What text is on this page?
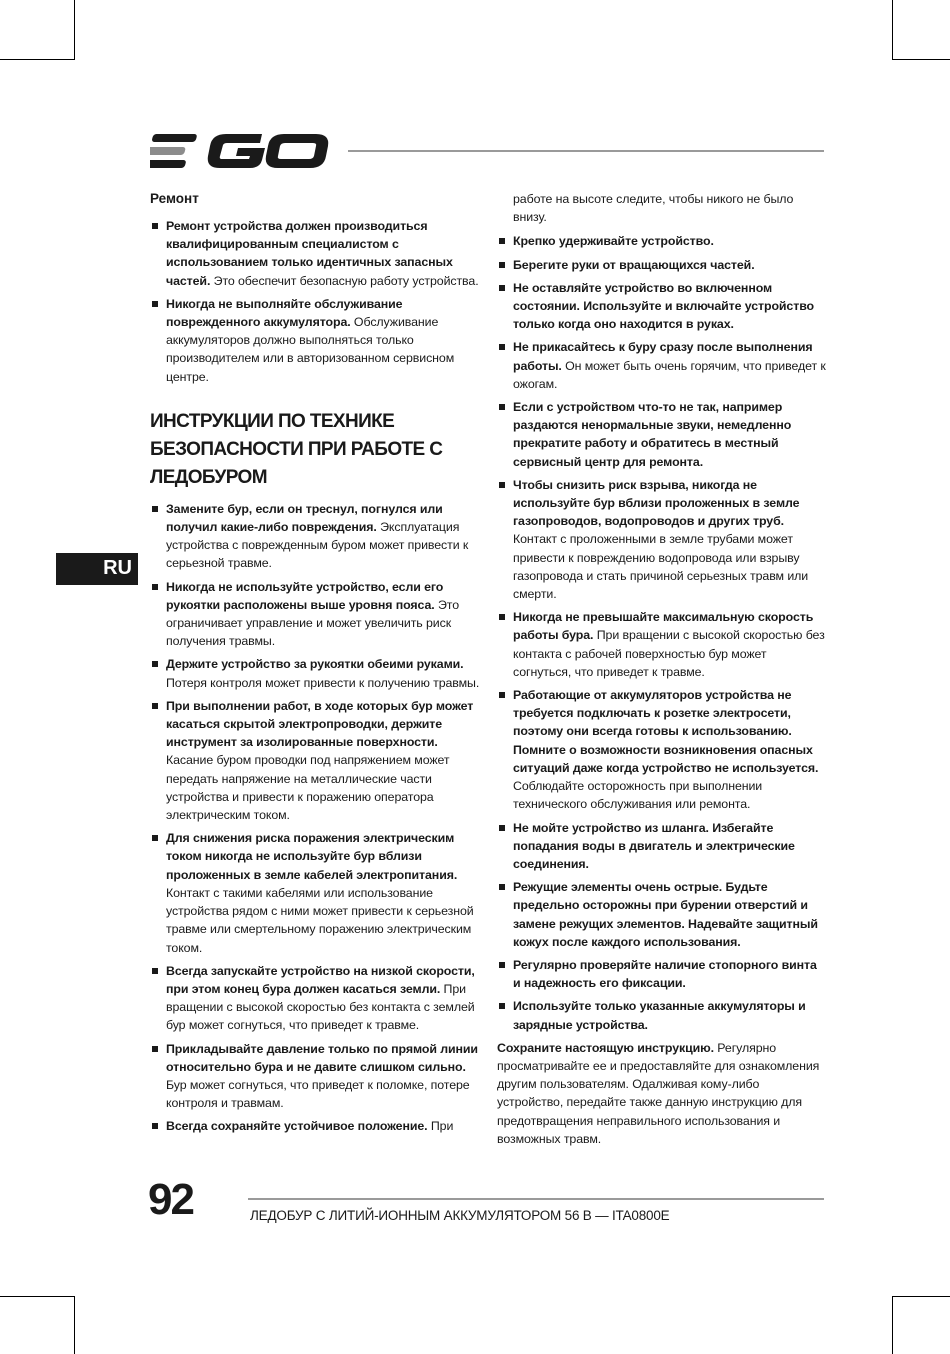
RU
Ремонт
Ремонт устройства должен производиться квалифицированным специалистом с использованием только идентичных запасных частей. Это обеспечит безопасную работу устройства.
Никогда не выполняйте обслуживание поврежденного аккумулятора. Обслуживание аккумуляторов должно выполняться только производителем или в авторизованном сервисном центре.
ИНСТРУКЦИИ ПО ТЕХНИКЕ БЕЗОПАСНОСТИ ПРИ РАБОТЕ С ЛЕДОБУРОМ
Замените бур, если он треснул, погнулся или получил какие-либо повреждения. Эксплуатация устройства с поврежденным буром может привести к серьезной травме.
Никогда не используйте устройство, если его рукоятки расположены выше уровня пояса. Это ограничивает управление и может увеличить риск получения травмы.
Держите устройство за рукоятки обеими руками. Потеря контроля может привести к получению травмы.
При выполнении работ, в ходе которых бур может касаться скрытой электропроводки, держите инструмент за изолированные поверхности. Касание буром проводки под напряжением может передать напряжение на металлические части устройства и привести к поражению оператора электрическим током.
Для снижения риска поражения электрическим током никогда не используйте бур вблизи проложенных в земле кабелей электропитания. Контакт с такими кабелями или использование устройства рядом с ними может привести к серьезной травме или смертельному поражению электрическим током.
Всегда запускайте устройство на низкой скорости, при этом конец бура должен касаться земли. При вращении с высокой скоростью без контакта с землей бур может согнуться, что приведет к травме.
Прикладывайте давление только по прямой линии относительно бура и не давите слишком сильно. Бур может согнуться, что приведет к поломке, потере контроля и травмам.
Всегда сохраняйте устойчивое положение. При
работе на высоте следите, чтобы никого не было внизу.
Крепко удерживайте устройство.
Берегите руки от вращающихся частей.
Не оставляйте устройство во включенном состоянии. Используйте и включайте устройство только когда оно находится в руках.
Не прикасайтесь к буру сразу после выполнения работы. Он может быть очень горячим, что приведет к ожогам.
Если с устройством что-то не так, например раздаются ненормальные звуки, немедленно прекратите работу и обратитесь в местный сервисный центр для ремонта.
Чтобы снизить риск взрыва, никогда не используйте бур вблизи проложенных в земле газопроводов, водопроводов и других труб. Контакт с проложенными в земле трубами может привести к повреждению водопровода или взрыву газопровода и стать причиной серьезных травм или смерти.
Никогда не превышайте максимальную скорость работы бура. При вращении с высокой скоростью без контакта с рабочей поверхностью бур может согнуться, что приведет к травме.
Работающие от аккумуляторов устройства не требуется подключать к розетке электросети, поэтому они всегда готовы к использованию. Помните о возможности возникновения опасных ситуаций даже когда устройство не используется. Соблюдайте осторожность при выполнении технического обслуживания или ремонта.
Не мойте устройство из шланга. Избегайте попадания воды в двигатель и электрические соединения.
Режущие элементы очень острые. Будьте предельно осторожны при бурении отверстий и замене режущих элементов. Надевайте защитный кожух после каждого использования.
Регулярно проверяйте наличие стопорного винта и надежность его фиксации.
Используйте только указанные аккумуляторы и зарядные устройства.

Сохраните настоящую инструкцию. Регулярно просматривайте ее и предоставляйте для ознакомления другим пользователям. Одалживая кому-либо устройство, передайте также данную инструкцию для предотвращения неправильного использования и возможных травм.

92	ЛЕДОБУР С ЛИТИЙ-ИОННЫМ АККУМУЛЯТОРОМ 56 В — ITA0800E
